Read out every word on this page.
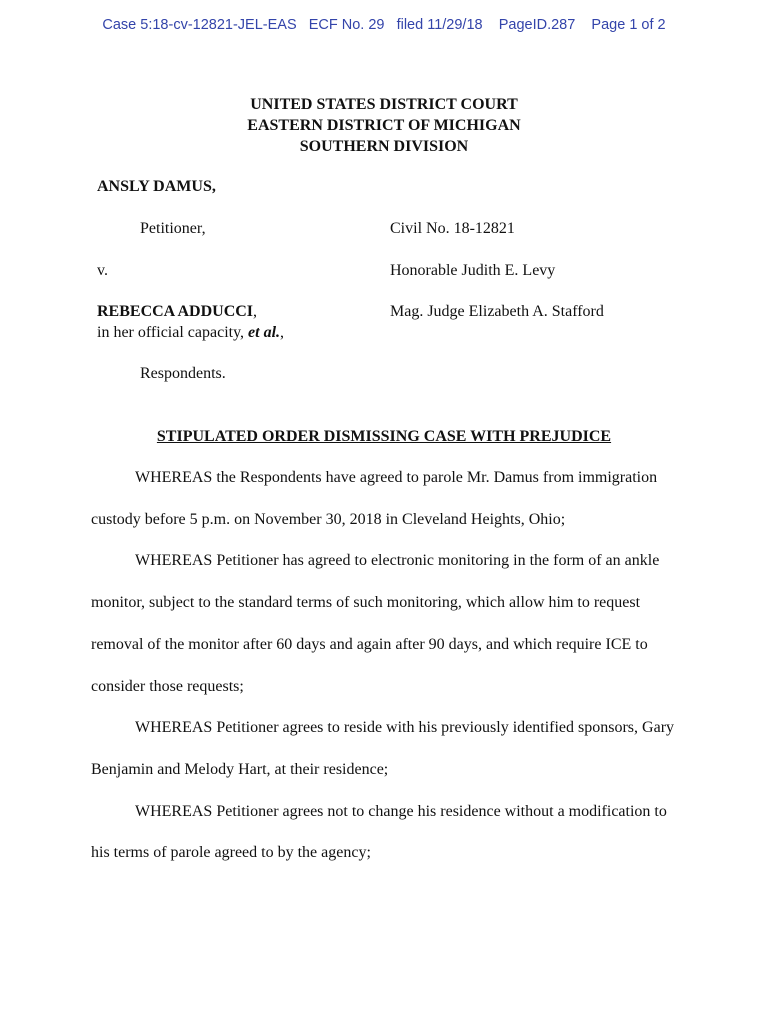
Case 5:18-cv-12821-JEL-EAS ECF No. 29 filed 11/29/18 PageID.287 Page 1 of 2
UNITED STATES DISTRICT COURT
EASTERN DISTRICT OF MICHIGAN
SOUTHERN DIVISION
ANSLY DAMUS,
Petitioner,	Civil No. 18-12821
v.	Honorable Judith E. Levy
REBECCA ADDUCCI,	Mag. Judge Elizabeth A. Stafford
in her official capacity, et al.,
Respondents.
STIPULATED ORDER DISMISSING CASE WITH PREJUDICE

WHEREAS the Respondents have agreed to parole Mr. Damus from immigration custody before 5 p.m. on November 30, 2018 in Cleveland Heights, Ohio;

WHEREAS Petitioner has agreed to electronic monitoring in the form of an ankle monitor, subject to the standard terms of such monitoring, which allow him to request removal of the monitor after 60 days and again after 90 days, and which require ICE to consider those requests;

WHEREAS Petitioner agrees to reside with his previously identified sponsors, Gary Benjamin and Melody Hart, at their residence;

WHEREAS Petitioner agrees not to change his residence without a modification to his terms of parole agreed to by the agency;
